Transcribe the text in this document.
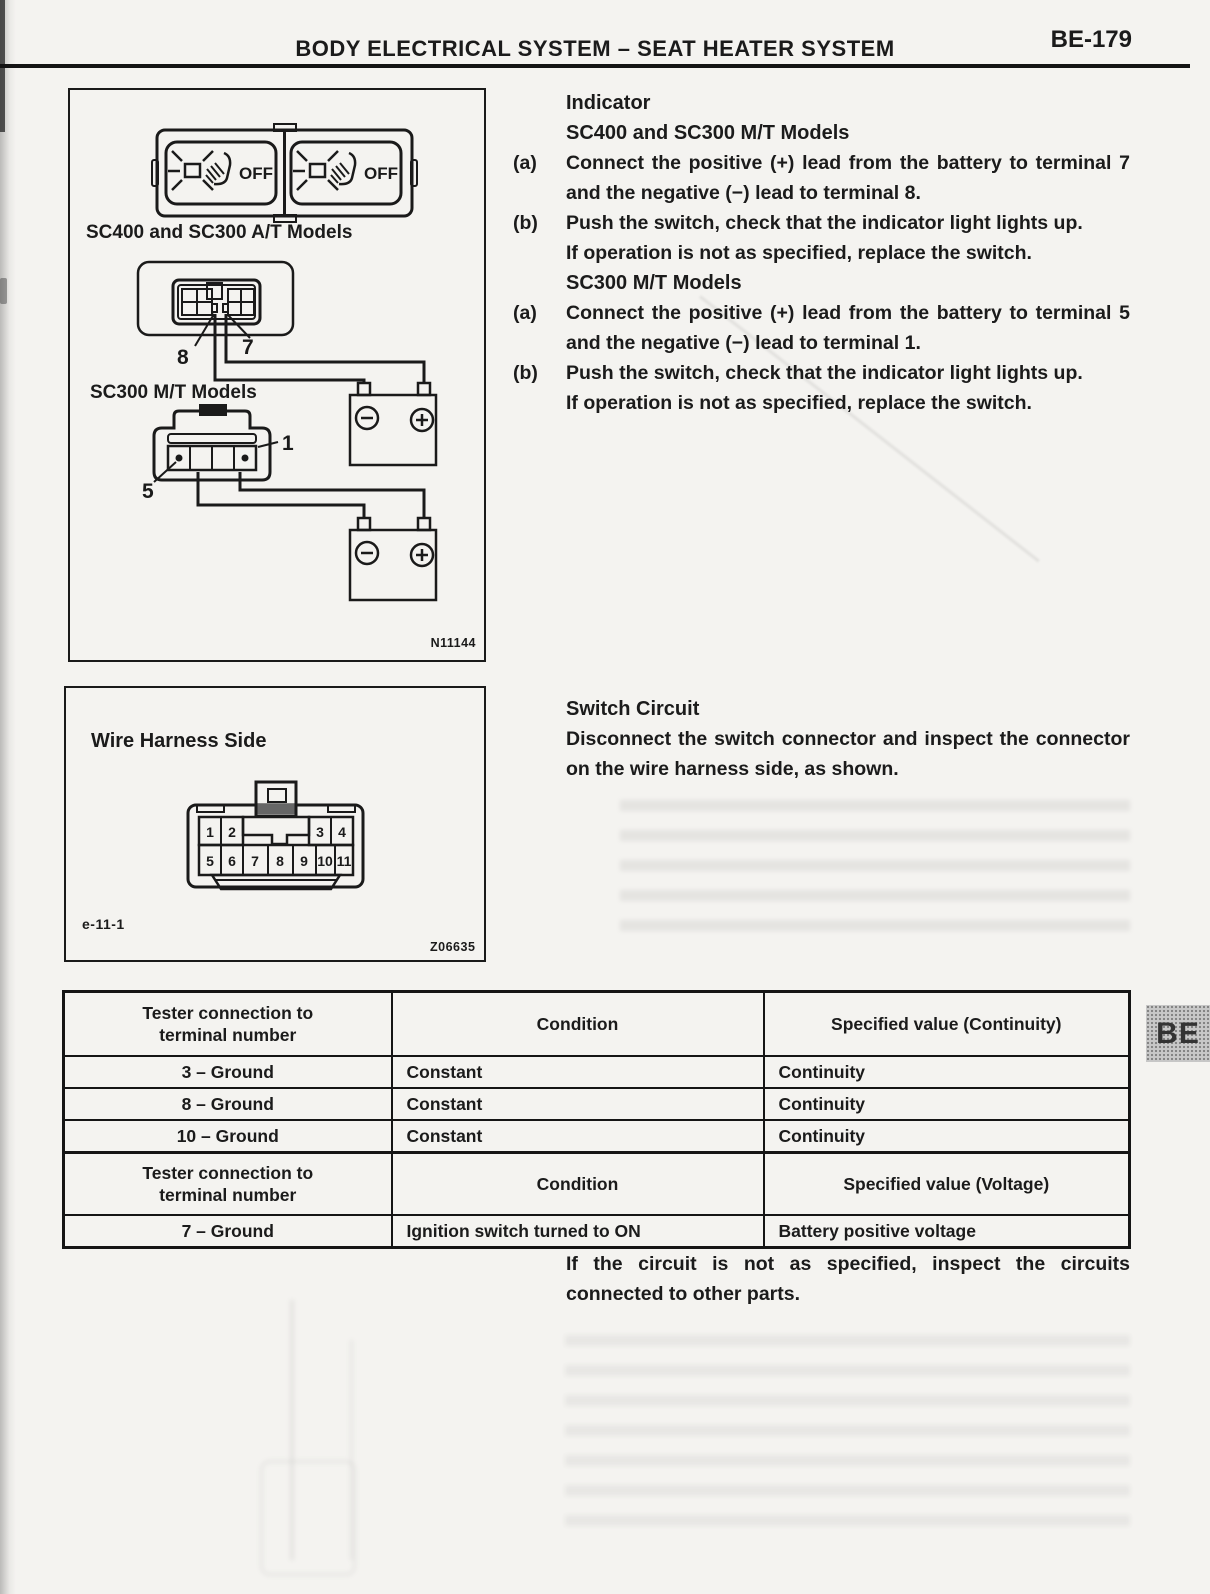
BODY ELECTRICAL SYSTEM – SEAT HEATER SYSTEM	BE-179
OFF	OFF
8	7
1
5
SC400 and SC300 A/T Models
SC300 M/T Models
N11144
Wire Harness Side
1 2	3 4
5 6 7 8 9 10 11
e-11-1
Z06635
Indicator
SC400 and SC300 M/T Models
(a)	Connect the positive (+) lead from the battery to terminal 7 and the negative (−) lead to terminal 8.
(b)	Push the switch, check that the indicator light lights up.
If operation is not as specified, replace the switch.
SC300 M/T Models
(a)	Connect the positive (+) lead from the battery to terminal 5 and the negative (−) lead to terminal 1.
(b)	Push the switch, check that the indicator light lights up.
If operation is not as specified, replace the switch.
Switch Circuit
Disconnect the switch connector and inspect the connector on the wire harness side, as shown.
Tester connection to terminal number	Condition	Specified value (Continuity)
3 – Ground	Constant	Continuity
8 – Ground	Constant	Continuity
10 – Ground	Constant	Continuity

Tester connection to terminal number	Condition	Specified value (Voltage)
7 – Ground	Ignition switch turned to ON	Battery positive voltage
BE
If the circuit is not as specified, inspect the circuits connected to other parts.
